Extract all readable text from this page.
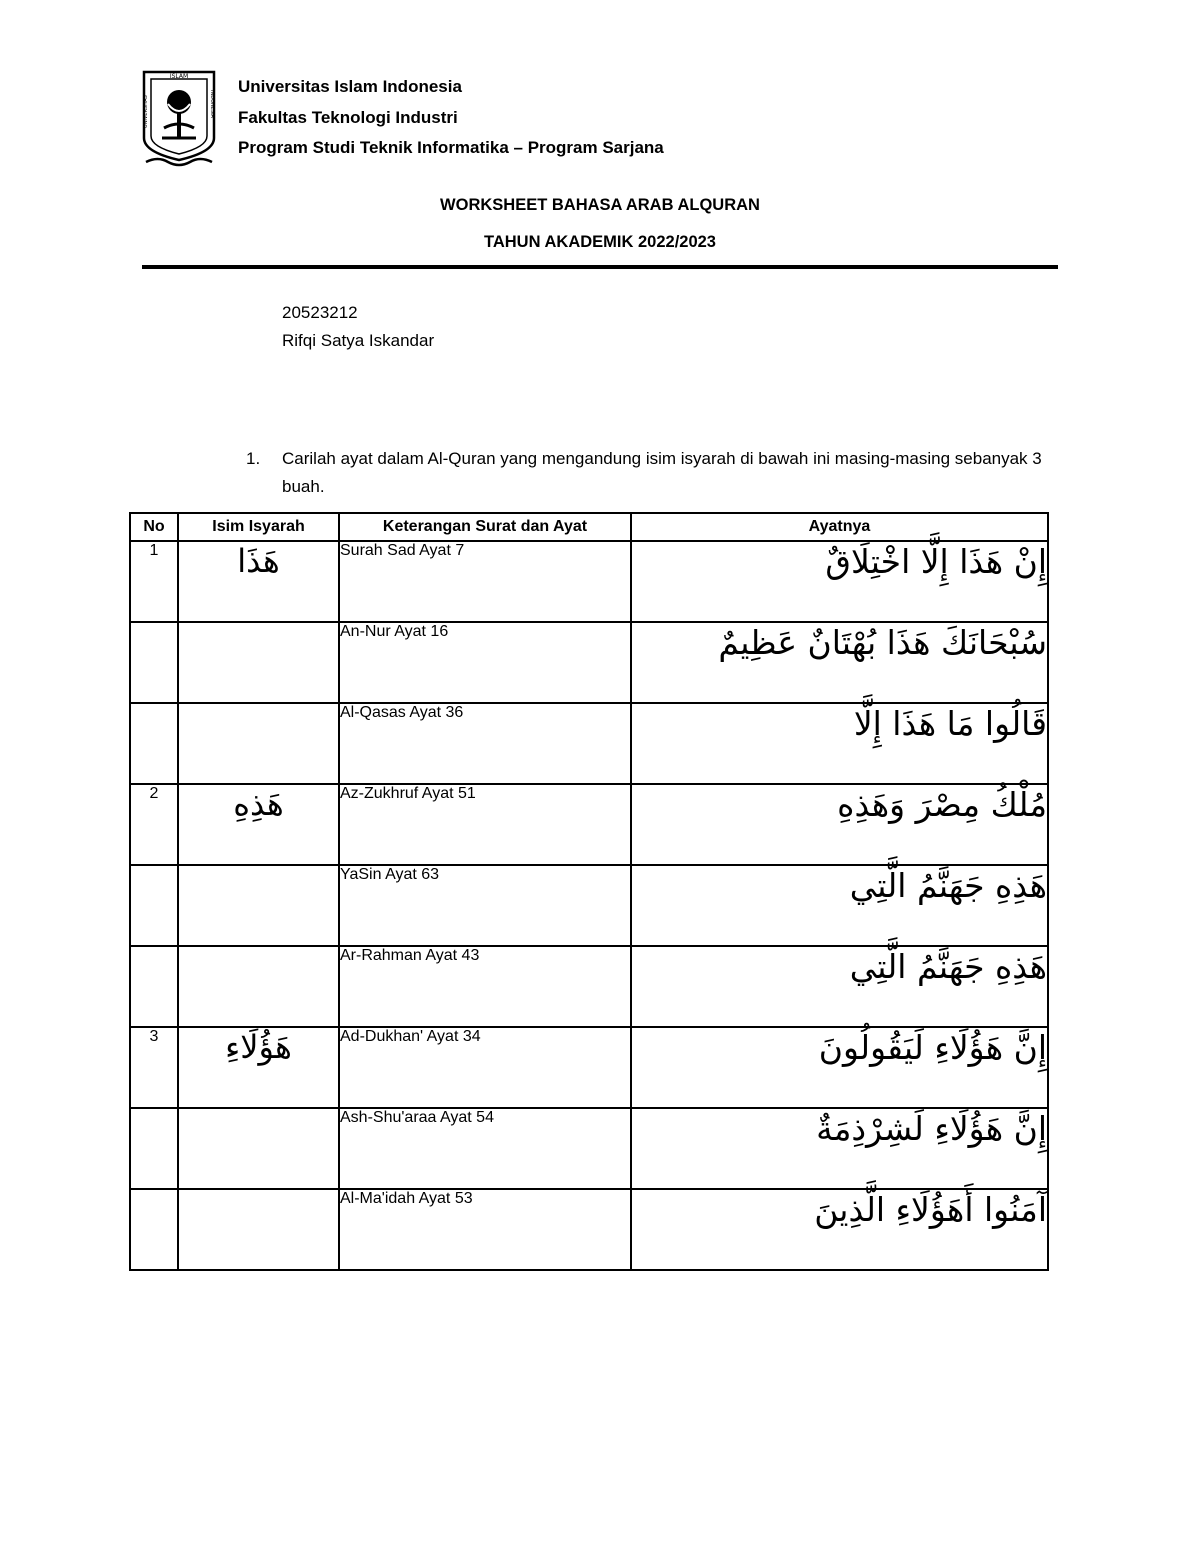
ISLAM
UNIVERSITAS	INDONESIA
Universitas Islam Indonesia
Fakultas Teknologi Industri
Program Studi Teknik Informatika – Program Sarjana
WORKSHEET BAHASA ARAB ALQURAN
TAHUN AKADEMIK 2022/2023
20523212
Rifqi Satya Iskandar
1. Carilah ayat dalam Al-Quran yang mengandung isim isyarah di bawah ini masing-masing sebanyak 3 buah.
No	Isim Isyarah	Keterangan Surat dan Ayat	Ayatnya
1	هَذَا	Surah Sad Ayat 7	إِنْ هَذَا إِلَّا اخْتِلَاقٌ
		An-Nur Ayat 16	سُبْحَانَكَ هَذَا بُهْتَانٌ عَظِيمٌ
		Al-Qasas Ayat 36	قَالُوا مَا هَذَا إِلَّا
2	هَذِهِ	Az-Zukhruf Ayat 51	مُلْكُ مِصْرَ وَهَذِهِ
		YaSin Ayat 63	هَذِهِ جَهَنَّمُ الَّتِي
		Ar-Rahman Ayat 43	هَذِهِ جَهَنَّمُ الَّتِي
3	هَؤُلَاءِ	Ad-Dukhan' Ayat 34	إِنَّ هَؤُلَاءِ لَيَقُولُونَ
		Ash-Shu'araa Ayat 54	إِنَّ هَؤُلَاءِ لَشِرْذِمَةٌ
		Al-Ma'idah Ayat 53	آمَنُوا أَهَؤُلَاءِ الَّذِينَ
